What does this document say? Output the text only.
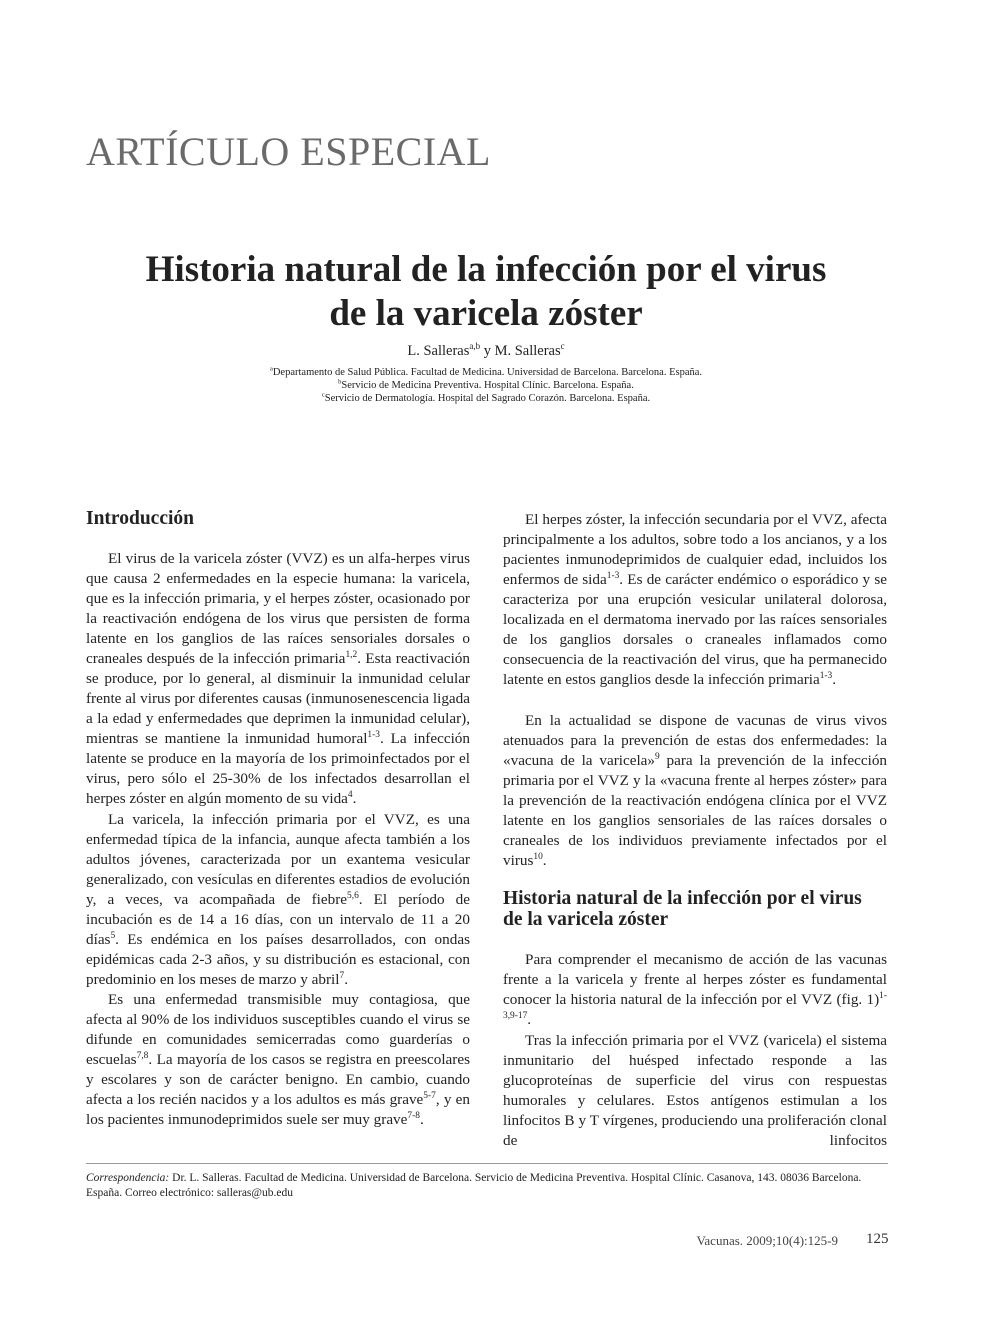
ARTÍCULO ESPECIAL
Historia natural de la infección por el virus
de la varicela zóster
L. Salleras$^{a,b}$ y M. Salleras$^c$
$^a$Departamento de Salud Pública. Facultad de Medicina. Universidad de Barcelona. Barcelona. España.
$^b$Servicio de Medicina Preventiva. Hospital Clínic. Barcelona. España.
$^c$Servicio de Dermatología. Hospital del Sagrado Corazón. Barcelona. España.
Introducción

El virus de la varicela zóster (VVZ) es un alfa-herpes virus que causa 2 enfermedades en la especie humana: la varicela, que es la infección primaria, y el herpes zóster, ocasionado por la reactivación endógena de los virus que persisten de forma latente en los ganglios de las raíces sensoriales dorsales o craneales después de la infección primaria$^{1,2}$. Esta reactivación se produce, por lo general, al disminuir la inmunidad celular frente al virus por diferentes causas (inmunosenescencia ligada a la edad y enfermedades que deprimen la inmunidad celular), mientras se mantiene la inmunidad humoral$^{1-3}$. La infección latente se produce en la mayoría de los primoinfectados por el virus, pero sólo el 25-30% de los infectados desarrollan el herpes zóster en algún momento de su vida$^4$.

La varicela, la infección primaria por el VVZ, es una enfermedad típica de la infancia, aunque afecta también a los adultos jóvenes, caracterizada por un exantema vesicular generalizado, con vesículas en diferentes estadios de evolución y, a veces, va acompañada de fiebre$^{5,6}$. El período de incubación es de 14 a 16 días, con un intervalo de 11 a 20 días$^5$. Es endémica en los países desarrollados, con ondas epidémicas cada 2-3 años, y su distribución es estacional, con predominio en los meses de marzo y abril$^7$.

Es una enfermedad transmisible muy contagiosa, que afecta al 90% de los individuos susceptibles cuando el virus se difunde en comunidades semicerradas como guarderías o escuelas$^{7,8}$. La mayoría de los casos se registra en preescolares y escolares y son de carácter benigno. En cambio, cuando afecta a los recién nacidos y a los adultos es más grave$^{5-7}$, y en los pacientes inmunodeprimidos suele ser muy grave$^{7-8}$.

El herpes zóster, la infección secundaria por el VVZ, afecta principalmente a los adultos, sobre todo a los ancianos, y a los pacientes inmunodeprimidos de cualquier edad, incluidos los enfermos de sida$^{1-3}$. Es de carácter endémico o esporádico y se caracteriza por una erupción vesicular unilateral dolorosa, localizada en el dermatoma inervado por las raíces sensoriales de los ganglios dorsales o craneales inflamados como consecuencia de la reactivación del virus, que ha permanecido latente en estos ganglios desde la infección primaria$^{1-3}$.

En la actualidad se dispone de vacunas de virus vivos atenuados para la prevención de estas dos enfermedades: la «vacuna de la varicela»$^9$ para la prevención de la infección primaria por el VVZ y la «vacuna frente al herpes zóster» para la prevención de la reactivación endógena clínica por el VVZ latente en los ganglios sensoriales de las raíces dorsales o craneales de los individuos previamente infectados por el virus$^{10}$.

Historia natural de la infección por el virus
de la varicela zóster

Para comprender el mecanismo de acción de las vacunas frente a la varicela y frente al herpes zóster es fundamental conocer la historia natural de la infección por el VVZ (fig. 1)$^{1-3,9-17}$.

Tras la infección primaria por el VVZ (varicela) el sistema inmunitario del huésped infectado responde a las glucoproteínas de superficie del virus con respuestas humorales y celulares. Estos antígenos estimulan a los linfocitos B y T vírgenes, produciendo una proliferación clonal de linfocitos

Correspondencia: Dr. L. Salleras. Facultad de Medicina. Universidad de Barcelona. Servicio de Medicina Preventiva. Hospital Clínic. Casanova, 143. 08036 Barcelona. España. Correo electrónico: salleras@ub.edu
Vacunas. 2009;10(4):125-9 125
